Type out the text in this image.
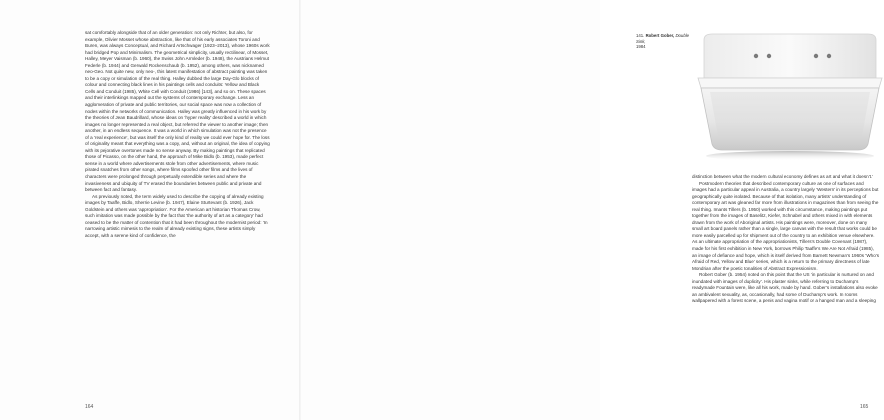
sat comfortably alongside that of an older generation: not only Richter, but also, for example, Olivier Mosset whose abstraction, like that of his early associates Toroni and Buren, was always Conceptual, and Richard Artschwager (1923–2013), whose 1960s work had bridged Pop and Minimalism. The geometrical simplicity, usually rectilinear, of Mosset, Halley, Meyer Vaisman (b. 1960), the Swiss John Armleder (b. 1948), the Austrians Helmut Federle (b. 1944) and Gerwald Rockenschaub (b. 1952), among others, was nicknamed neo-Geo. Not quite new, only neo-, this latest manifestation of abstract painting was taken to be a copy or simulation of the real thing. Halley dubbed the large Day-Glo blocks of colour and connecting black lines in his paintings cells and conduits: Yellow and Black Cells and Conduit (1985), White Cell with Conduit (1986) [143], and so on. These spaces and their interlinkings mapped out the systems of contemporary exchange. Less an agglomeration of private and public territories, our social space was now a collection of nodes within the networks of communication. Halley was greatly influenced in his work by the theories of Jean Baudrillard, whose ideas on ‘hyper reality’ described a world in which images no longer represented a real object, but referred the viewer to another image; then another, in an endless sequence. It was a world in which simulation was not the presence of a ‘real experience’, but was itself the only kind of reality we could ever hope for. The loss of originality meant that everything was a copy, and, without an original, the idea of copying with its pejorative overtones made no sense anyway. By making paintings that replicated those of Picasso, on the other hand, the approach of Mike Bidlo (b. 1953), made perfect sense in a world where advertisements stole from other advertisements, where music pirated snatches from other songs, where films spoofed other films and the lives of characters were prolonged through perpetually extendible series and where the invasiveness and ubiquity of TV erased the boundaries between public and private and between fact and fantasy.

As previously noted, the term widely used to describe the copying of already existing images by Taaffe, Bidlo, Sherrie Levine (b. 1947), Elaine Sturtevant (b. 1926), Jack Goldstein and others was ‘appropriation’. For the American art historian Thomas Crow, such imitation was made possible by the fact that ‘the authority of art as a category’ had ceased to be the matter of contention that it had been throughout the modernist period: ‘In narrowing artistic mimesis to the realm of already existing signs, these artists simply accept, with a serene kind of confidence, the

164
141. Robert Gober, Double Sink,
1984

distinction between what the modern cultural economy defines as art and what it doesn’t.’

Postmodern theories that described contemporary culture as one of surfaces and images had a particular appeal in Australia, a country largely ‘Western’ in its perceptions but geographically quite isolated. Because of that isolation, many artists’ understanding of contemporary art was gleaned far more from illustrations in magazines than from seeing the real thing. Imants Tillers (b. 1950) worked with this circumstance, making paintings put together from the images of Baselitz, Kiefer, Schnabel and others mixed in with elements drawn from the work of Aboriginal artists. His paintings were, moreover, done on many small art board panels rather than a single, large canvas with the result that works could be more easily parcelled up for shipment out of the country to an exhibition venue elsewhere. As an ultimate appropriation of the appropriationists, Tillers’s Double Covenant (1987), made for his first exhibition in New York, borrows Philip Taaffe’s We Are Not Afraid (1985), an image of defiance and hope, which is itself derived from Barnett Newman’s 1960s ‘Who’s Afraid of Red, Yellow and Blue’ series, which is a return to the primary directness of late Mondrian after the poetic tonalities of Abstract Expressionism.

Robert Gober (b. 1954) noted on this point that the US ‘in particular is nurtured on and inundated with images of duplicity’. His plaster sinks, while referring to Duchamp’s readymade Fountain were, like all his work, made by hand. Gober’s installations also evoke an ambivalent sexuality, as, occasionally, had some of Duchamp’s work. In rooms wallpapered with a forest scene, a penis and vagina motif or a hanged man and a sleeping

165
